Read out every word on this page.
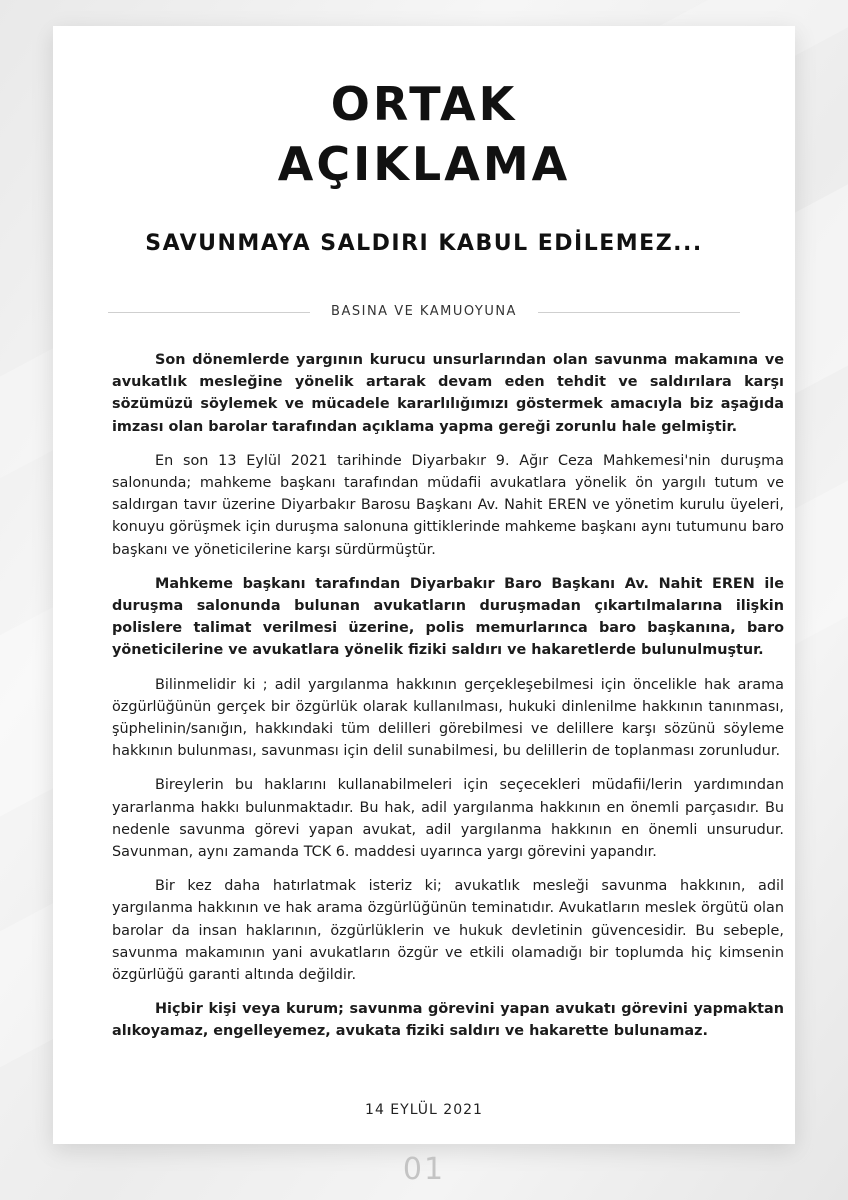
ORTAK
AÇIKLAMA
SAVUNMAYA SALDIRI KABUL EDİLEMEZ...
BASINA VE KAMUOYUNA

Son dönemlerde yargının kurucu unsurlarından olan savunma makamına ve avukatlık mesleğine yönelik artarak devam eden tehdit ve saldırılara karşı sözümüzü söylemek ve mücadele kararlılığımızı göstermek amacıyla biz aşağıda imzası olan barolar tarafından açıklama yapma gereği zorunlu hale gelmiştir.

En son 13 Eylül 2021 tarihinde Diyarbakır 9. Ağır Ceza Mahkemesi'nin duruşma salonunda; mahkeme başkanı tarafından müdafii avukatlara yönelik ön yargılı tutum ve saldırgan tavır üzerine Diyarbakır Barosu Başkanı Av. Nahit EREN ve yönetim kurulu üyeleri, konuyu görüşmek için duruşma salonuna gittiklerinde mahkeme başkanı aynı tutumunu baro başkanı ve yöneticilerine karşı sürdürmüştür.

Mahkeme başkanı tarafından Diyarbakır Baro Başkanı Av. Nahit EREN ile duruşma salonunda bulunan avukatların duruşmadan çıkartılmalarına ilişkin polislere talimat verilmesi üzerine, polis memurlarınca baro başkanına, baro yöneticilerine ve avukatlara yönelik fiziki saldırı ve hakaretlerde bulunulmuştur.

Bilinmelidir ki ; adil yargılanma hakkının gerçekleşebilmesi için öncelikle hak arama özgürlüğünün gerçek bir özgürlük olarak kullanılması, hukuki dinlenilme hakkının tanınması, şüphelinin/sanığın, hakkındaki tüm delilleri görebilmesi ve delillere karşı sözünü söyleme hakkının bulunması, savunması için delil sunabilmesi, bu delillerin de toplanması zorunludur.

Bireylerin bu haklarını kullanabilmeleri için seçecekleri müdafii/lerin yardımından yararlanma hakkı bulunmaktadır. Bu hak, adil yargılanma hakkının en önemli parçasıdır. Bu nedenle savunma görevi yapan avukat, adil yargılanma hakkının en önemli unsurudur. Savunman, aynı zamanda TCK 6. maddesi uyarınca yargı görevini yapandır.

Bir kez daha hatırlatmak isteriz ki; avukatlık mesleği savunma hakkının, adil yargılanma hakkının ve hak arama özgürlüğünün teminatıdır. Avukatların meslek örgütü olan barolar da insan haklarının, özgürlüklerin ve hukuk devletinin güvencesidir. Bu sebeple, savunma makamının yani avukatların özgür ve etkili olamadığı bir toplumda hiç kimsenin özgürlüğü garanti altında değildir.

Hiçbir kişi veya kurum; savunma görevini yapan avukatı görevini yapmaktan alıkoyamaz, engelleyemez, avukata fiziki saldırı ve hakarette bulunamaz.

14 EYLÜL 2021
01
